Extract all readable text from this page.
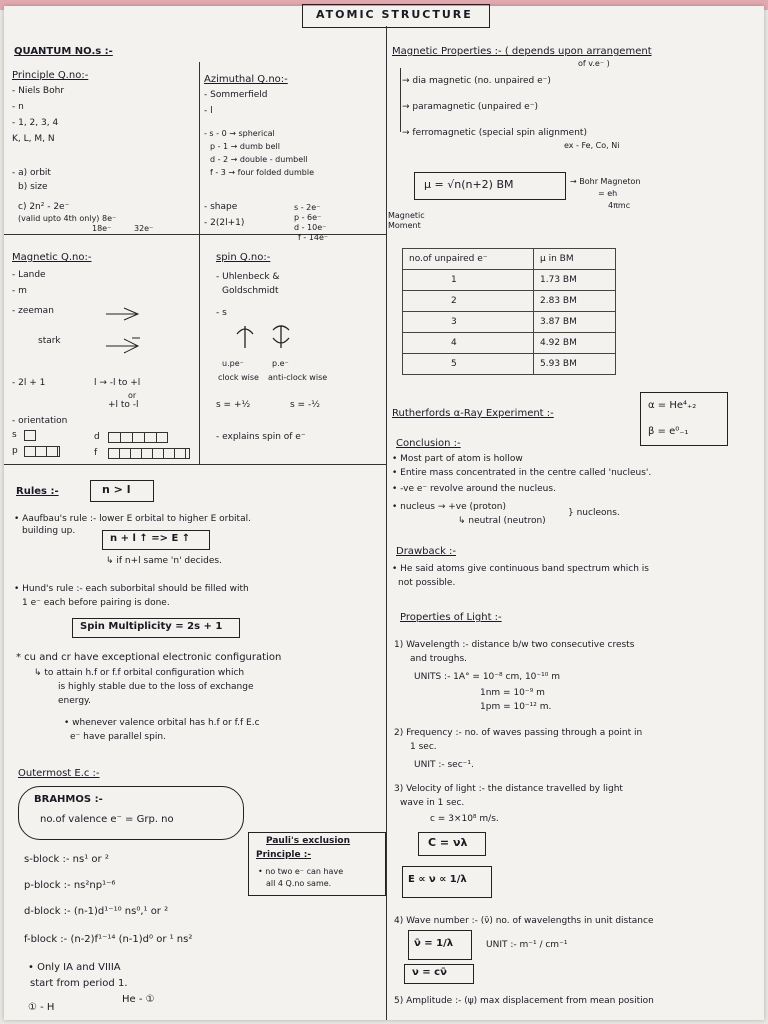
ATOMIC STRUCTURE
QUANTUM NO.s :-
Principle Q.no:-
- Niels Bohr
- n
- 1, 2, 3, 4
K, L, M, N
- a) orbit
b) size
c) 2n² - 2e⁻
(valid upto 4th only) 8e⁻
18e⁻	32e⁻
Azimuthal Q.no:-
- Sommerfield
- l
- s - 0 → spherical
p - 1 → dumb bell
d - 2 → double - dumbell
f - 3 → four folded dumble
- shape
- 2(2l+1)
s - 2e⁻
p - 6e⁻
d - 10e⁻
f - 14e⁻
Magnetic Q.no:-
- Lande
- m
- zeeman
stark
- 2l + 1	l → -l to +l
or
+l to -l
- orientation
s
p
d
f
spin Q.no:-
- Uhlenbeck &
Goldschmidt
- s
u.pe⁻	p.e⁻
clock wise anti-clock wise
s = +½	s = -½
- explains spin of e⁻
Rules :-	n > l
• Aaufbau's rule :- lower E orbital to higher E orbital.
building up.
n + l ↑ => E ↑
↳ if n+l same 'n' decides.
• Hund's rule :- each suborbital should be filled with
1 e⁻ each before pairing is done.
Spin Multiplicity = 2s + 1
* cu and cr have exceptional electronic configuration
↳ to attain h.f or f.f orbital configuration which
is highly stable due to the loss of exchange
energy.
• whenever valence orbital has h.f or f.f E.c
e⁻ have parallel spin.
Outermost E.c :-
BRAHMOS :-
no.of valence e⁻ = Grp. no
s-block :- ns¹ or ²
p-block :- ns²np¹⁻⁶
d-block :- (n-1)d¹⁻¹⁰ ns⁰,¹ or ²
f-block :- (n-2)f¹⁻¹⁴ (n-1)d⁰ or ¹ ns²
• Only IA and VIIIA
start from period 1.
① - H
He - ①
Pauli's exclusion
Principle :-
• no two e⁻ can have
all 4 Q.no same.
Magnetic Properties :- ( depends upon arrangement
of v.e⁻ )
→ dia magnetic (no. unpaired e⁻)
→ paramagnetic (unpaired e⁻)
→ ferromagnetic (special spin alignment)
ex - Fe, Co, Ni
μ = √n(n+2) BM	→ Bohr Magneton
= eh
4πmc
Magnetic
Moment
no.of unpaired e⁻	μ in BM
1	1.73 BM
2	2.83 BM
3	3.87 BM
4	4.92 BM
5	5.93 BM
Rutherfords α-Ray Experiment :-
α = He⁴₊₂
β = e⁰₋₁
Conclusion :-
• Most part of atom is hollow
• Entire mass concentrated in the centre called 'nucleus'.
• -ve e⁻ revolve around the nucleus.
• nucleus → +ve (proton)
↳ neutral (neutron)
} nucleons.
Drawback :-
• He said atoms give continuous band spectrum which is
not possible.
Properties of Light :-
1) Wavelength :- distance b/w two consecutive crests
and troughs.
UNITS :- 1A° = 10⁻⁸ cm, 10⁻¹⁰ m
1nm = 10⁻⁹ m
1pm = 10⁻¹² m.
2) Frequency :- no. of waves passing through a point in
1 sec.
UNIT :- sec⁻¹.
3) Velocity of light :- the distance travelled by light
wave in 1 sec.
c = 3×10⁸ m/s.
C = νλ
E ∝ ν ∝ 1/λ
4) Wave number :- (ν̄) no. of wavelengths in unit distance
ν̄ = 1/λ	UNIT :- m⁻¹ / cm⁻¹
ν = cν̄
5) Amplitude :- (ψ) max displacement from mean position
